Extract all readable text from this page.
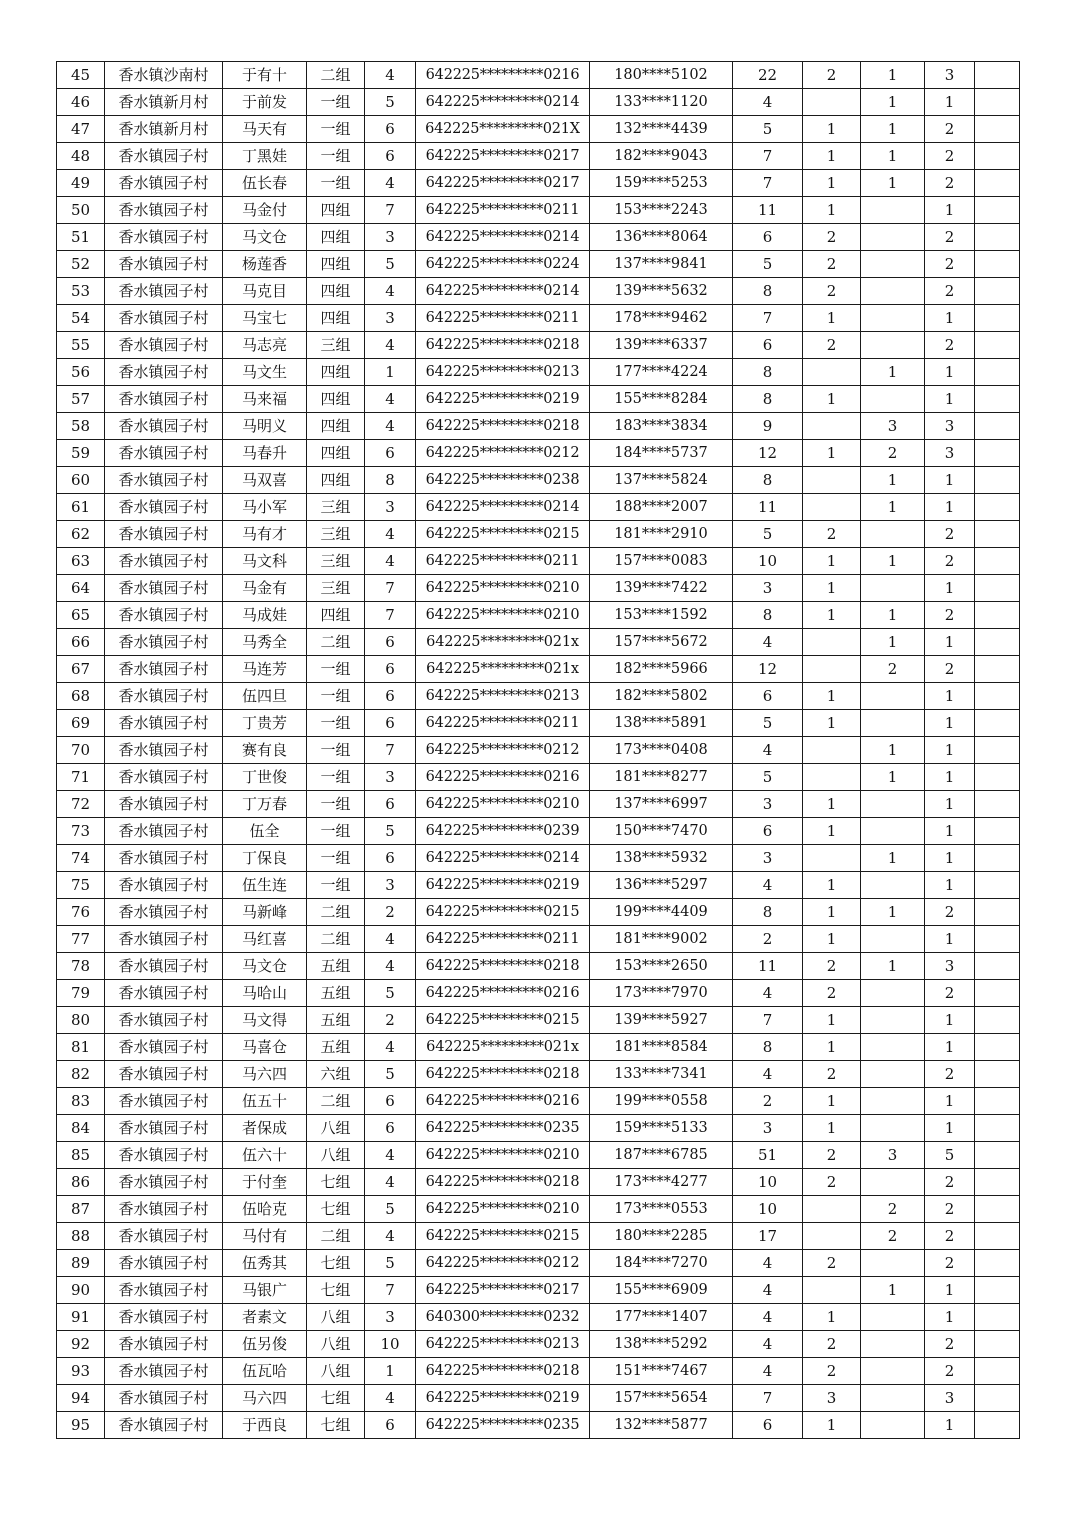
45	香水镇沙南村	于有十	二组	4	642225*********0216	180****5102	22	2	1	3	
46	香水镇新月村	于前发	一组	5	642225*********0214	133****1120	4		1	1	
47	香水镇新月村	马天有	一组	6	642225*********021X	132****4439	5	1	1	2	
48	香水镇园子村	丁黑娃	一组	6	642225*********0217	182****9043	7	1	1	2	
49	香水镇园子村	伍长春	一组	4	642225*********0217	159****5253	7	1	1	2	
50	香水镇园子村	马金付	四组	7	642225*********0211	153****2243	11	1		1	
51	香水镇园子村	马文仓	四组	3	642225*********0214	136****8064	6	2		2	
52	香水镇园子村	杨莲香	四组	5	642225*********0224	137****9841	5	2		2	
53	香水镇园子村	马克目	四组	4	642225*********0214	139****5632	8	2		2	
54	香水镇园子村	马宝七	四组	3	642225*********0211	178****9462	7	1		1	
55	香水镇园子村	马志亮	三组	4	642225*********0218	139****6337	6	2		2	
56	香水镇园子村	马文生	四组	1	642225*********0213	177****4224	8		1	1	
57	香水镇园子村	马来福	四组	4	642225*********0219	155****8284	8	1		1	
58	香水镇园子村	马明义	四组	4	642225*********0218	183****3834	9		3	3	
59	香水镇园子村	马春升	四组	6	642225*********0212	184****5737	12	1	2	3	
60	香水镇园子村	马双喜	四组	8	642225*********0238	137****5824	8		1	1	
61	香水镇园子村	马小军	三组	3	642225*********0214	188****2007	11		1	1	
62	香水镇园子村	马有才	三组	4	642225*********0215	181****2910	5	2		2	
63	香水镇园子村	马文科	三组	4	642225*********0211	157****0083	10	1	1	2	
64	香水镇园子村	马金有	三组	7	642225*********0210	139****7422	3	1		1	
65	香水镇园子村	马成娃	四组	7	642225*********0210	153****1592	8	1	1	2	
66	香水镇园子村	马秀全	二组	6	642225*********021x	157****5672	4		1	1	
67	香水镇园子村	马连芳	一组	6	642225*********021x	182****5966	12		2	2	
68	香水镇园子村	伍四旦	一组	6	642225*********0213	182****5802	6	1		1	
69	香水镇园子村	丁贵芳	一组	6	642225*********0211	138****5891	5	1		1	
70	香水镇园子村	赛有良	一组	7	642225*********0212	173****0408	4		1	1	
71	香水镇园子村	丁世俊	一组	3	642225*********0216	181****8277	5		1	1	
72	香水镇园子村	丁万春	一组	6	642225*********0210	137****6997	3	1		1	
73	香水镇园子村	伍全	一组	5	642225*********0239	150****7470	6	1		1	
74	香水镇园子村	丁保良	一组	6	642225*********0214	138****5932	3		1	1	
75	香水镇园子村	伍生连	一组	3	642225*********0219	136****5297	4	1		1	
76	香水镇园子村	马新峰	二组	2	642225*********0215	199****4409	8	1	1	2	
77	香水镇园子村	马红喜	二组	4	642225*********0211	181****9002	2	1		1	
78	香水镇园子村	马文仓	五组	4	642225*********0218	153****2650	11	2	1	3	
79	香水镇园子村	马哈山	五组	5	642225*********0216	173****7970	4	2		2	
80	香水镇园子村	马文得	五组	2	642225*********0215	139****5927	7	1		1	
81	香水镇园子村	马喜仓	五组	4	642225*********021x	181****8584	8	1		1	
82	香水镇园子村	马六四	六组	5	642225*********0218	133****7341	4	2		2	
83	香水镇园子村	伍五十	二组	6	642225*********0216	199****0558	2	1		1	
84	香水镇园子村	者保成	八组	6	642225*********0235	159****5133	3	1		1	
85	香水镇园子村	伍六十	八组	4	642225*********0210	187****6785	51	2	3	5	
86	香水镇园子村	于付奎	七组	4	642225*********0218	173****4277	10	2		2	
87	香水镇园子村	伍哈克	七组	5	642225*********0210	173****0553	10		2	2	
88	香水镇园子村	马付有	二组	4	642225*********0215	180****2285	17		2	2	
89	香水镇园子村	伍秀其	七组	5	642225*********0212	184****7270	4	2		2	
90	香水镇园子村	马银广	七组	7	642225*********0217	155****6909	4		1	1	
91	香水镇园子村	者素文	八组	3	640300*********0232	177****1407	4	1		1	
92	香水镇园子村	伍另俊	八组	10	642225*********0213	138****5292	4	2		2	
93	香水镇园子村	伍瓦哈	八组	1	642225*********0218	151****7467	4	2		2	
94	香水镇园子村	马六四	七组	4	642225*********0219	157****5654	7	3		3	
95	香水镇园子村	于西良	七组	6	642225*********0235	132****5877	6	1		1	
